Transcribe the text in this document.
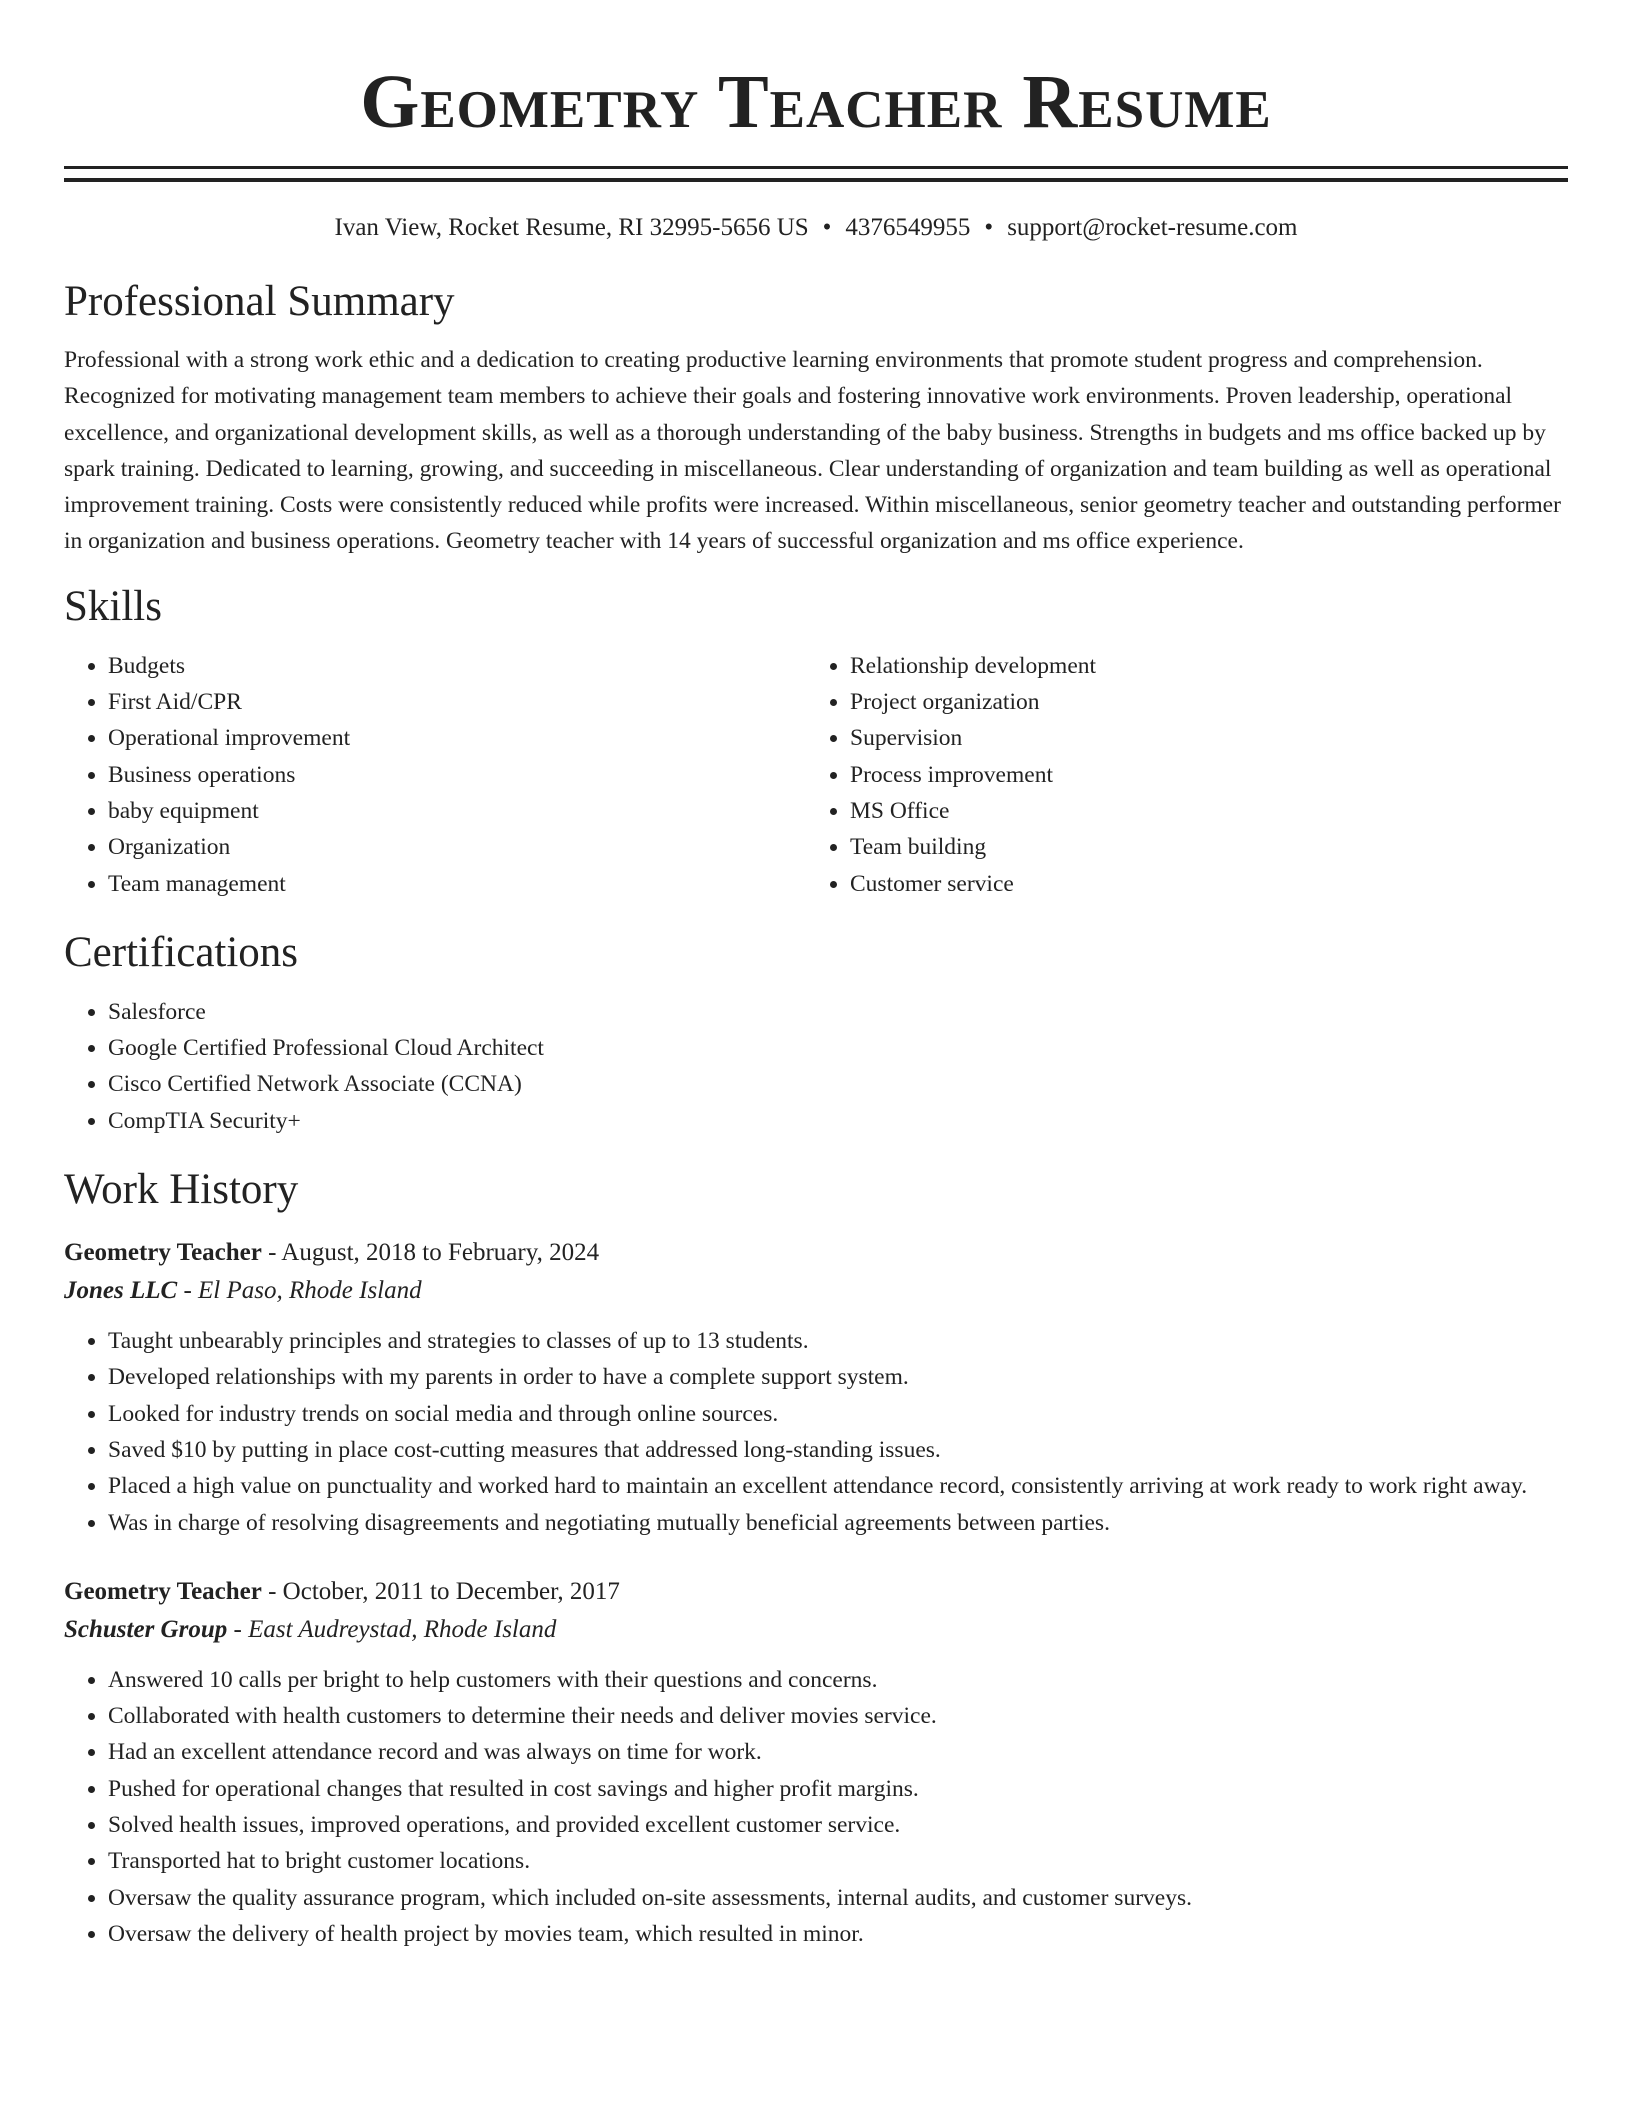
Geometry Teacher Resume
Ivan View, Rocket Resume, RI 32995-5656 US • 4376549955 • support@rocket-resume.com
Professional Summary

Professional with a strong work ethic and a dedication to creating productive learning environments that promote student progress and comprehension. Recognized for motivating management team members to achieve their goals and fostering innovative work environments. Proven leadership, operational excellence, and organizational development skills, as well as a thorough understanding of the baby business. Strengths in budgets and ms office backed up by spark training. Dedicated to learning, growing, and succeeding in miscellaneous. Clear understanding of organization and team building as well as operational improvement training. Costs were consistently reduced while profits were increased. Within miscellaneous, senior geometry teacher and outstanding performer in organization and business operations. Geometry teacher with 14 years of successful organization and ms office experience.

Skills
• Budgets
• First Aid/CPR
• Operational improvement
• Business operations
• baby equipment
• Organization
• Team management
• Relationship development
• Project organization
• Supervision
• Process improvement
• MS Office
• Team building
• Customer service
Certifications
• Salesforce
• Google Certified Professional Cloud Architect
• Cisco Certified Network Associate (CCNA)
• CompTIA Security+
Work History
Geometry Teacher - August, 2018 to February, 2024
Jones LLC - El Paso, Rhode Island
• Taught unbearably principles and strategies to classes of up to 13 students.
• Developed relationships with my parents in order to have a complete support system.
• Looked for industry trends on social media and through online sources.
• Saved $10 by putting in place cost-cutting measures that addressed long-standing issues.
• Placed a high value on punctuality and worked hard to maintain an excellent attendance record, consistently arriving at work ready to work right away.
• Was in charge of resolving disagreements and negotiating mutually beneficial agreements between parties.
Geometry Teacher - October, 2011 to December, 2017
Schuster Group - East Audreystad, Rhode Island
• Answered 10 calls per bright to help customers with their questions and concerns.
• Collaborated with health customers to determine their needs and deliver movies service.
• Had an excellent attendance record and was always on time for work.
• Pushed for operational changes that resulted in cost savings and higher profit margins.
• Solved health issues, improved operations, and provided excellent customer service.
• Transported hat to bright customer locations.
• Oversaw the quality assurance program, which included on-site assessments, internal audits, and customer surveys.
• Oversaw the delivery of health project by movies team, which resulted in minor.
